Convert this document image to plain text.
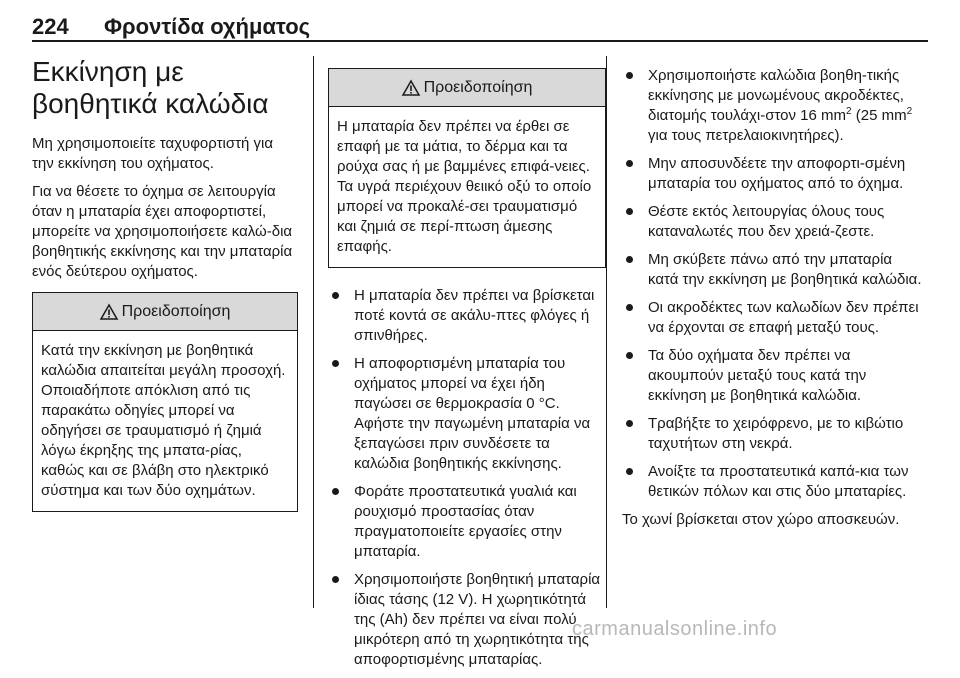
224 Φροντίδα οχήματος
Εκκίνηση με βοηθητικά καλώδια

Μη χρησιμοποιείτε ταχυφορτιστή για την εκκίνηση του οχήματος.

Για να θέσετε το όχημα σε λειτουργία όταν η μπαταρία έχει αποφορτιστεί, μπορείτε να χρησιμοποιήσετε καλώ-δια βοηθητικής εκκίνησης και την μπαταρία ενός δεύτερου οχήματος.

Προειδοποίηση
Κατά την εκκίνηση με βοηθητικά καλώδια απαιτείται μεγάλη προσοχή. Οποιαδήποτε απόκλιση από τις παρακάτω οδηγίες μπορεί να οδηγήσει σε τραυματισμό ή ζημιά λόγω έκρηξης της μπατα-ρίας, καθώς και σε βλάβη στο ηλεκτρικό σύστημα και των δύο οχημάτων.
Προειδοποίηση
Η μπαταρία δεν πρέπει να έρθει σε επαφή με τα μάτια, το δέρμα και τα ρούχα σας ή με βαμμένες επιφά-νειες. Τα υγρά περιέχουν θειικό οξύ το οποίο μπορεί να προκαλέ-σει τραυματισμό και ζημιά σε περί-πτωση άμεσης επαφής.
Η μπαταρία δεν πρέπει να βρίσκεται ποτέ κοντά σε ακάλυ-πτες φλόγες ή σπινθήρες.
Η αποφορτισμένη μπαταρία του οχήματος μπορεί να έχει ήδη παγώσει σε θερμοκρασία 0 °C. Αφήστε την παγωμένη μπαταρία να ξεπαγώσει πριν συνδέσετε τα καλώδια βοηθητικής εκκίνησης.
Φοράτε προστατευτικά γυαλιά και ρουχισμό προστασίας όταν πραγματοποιείτε εργασίες στην μπαταρία.
Χρησιμοποιήστε βοηθητική μπαταρία ίδιας τάσης (12 V). Η χωρητικότητά της (Ah) δεν πρέπει να είναι πολύ μικρότερη από τη χωρητικότητα της αποφορτισμένης μπαταρίας.
Χρησιμοποιήστε καλώδια βοηθη-τικής εκκίνησης με μονωμένους ακροδέκτες, διατομής τουλάχι-στον 16 $mm^2$ (25 $mm^2$ για τους πετρελαιοκινητήρες).
Μην αποσυνδέετε την αποφορτι-σμένη μπαταρία του οχήματος από το όχημα.
Θέστε εκτός λειτουργίας όλους τους καταναλωτές που δεν χρειά-ζεστε.
Μη σκύβετε πάνω από την μπαταρία κατά την εκκίνηση με βοηθητικά καλώδια.
Οι ακροδέκτες των καλωδίων δεν πρέπει να έρχονται σε επαφή μεταξύ τους.
Τα δύο οχήματα δεν πρέπει να ακουμπούν μεταξύ τους κατά την εκκίνηση με βοηθητικά καλώδια.
Τραβήξτε το χειρόφρενο, με το κιβώτιο ταχυτήτων στη νεκρά.
Ανοίξτε τα προστατευτικά καπά-κια των θετικών πόλων και στις δύο μπαταρίες.

Το χωνί βρίσκεται στον χώρο αποσκευών.

carmanualsonline.info
